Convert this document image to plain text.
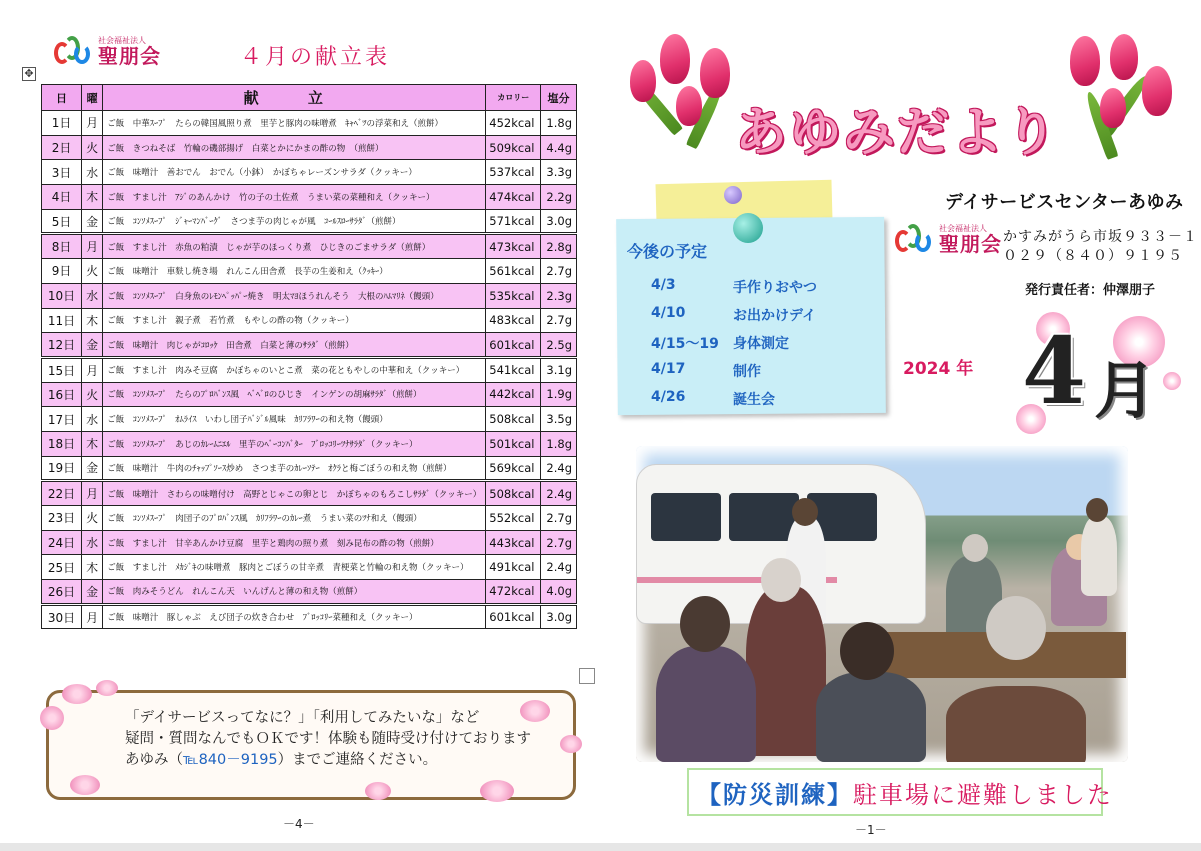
社会福祉法人
聖朋会	４月の献立表
✥
日	曜	献 立	カロリー	塩分
1日	月	ご飯　中華ｽｰﾌﾟ　たらの韓国風照り煮　里芋と豚肉の味噌煮　ｷｬﾍﾞﾂの浮菜和え（煎餅）	452kcal	1.8g
2日	火	ご飯　きつねそば　竹輪の磯部揚げ　白菜とかにかまの酢の物　（煎餅）	509kcal	4.4g
3日	水	ご飯　味噌汁　善おでん　おでん（小鉢）　かぼちゃレーズンサラダ（クッキー）	537kcal	3.3g
4日	木	ご飯　すまし汁　ｱｼﾞのあんかけ　竹の子の土佐煮　うまい菜の菜種和え（クッキー）	474kcal	2.2g
5日	金	ご飯　ｺﾝｿﾒｽｰﾌﾟ　ｼﾞｬｰﾏﾝﾊﾞｰｸﾞ　さつま芋の肉じゃが風　ｺｰﾙｽﾛｰｻﾗﾀﾞ（煎餅）	571kcal	3.0g
8日	月	ご飯　すまし汁　赤魚の粕漬　じゃが芋のほっくり煮　ひじきのごまサラダ（煎餅）	473kcal	2.8g
9日	火	ご飯　味噌汁　車麩し焼き場　れんこん田舎煮　長芋の生姜和え（ｸｯｷｰ）	561kcal	2.7g
10日	水	ご飯　ｺﾝｿﾒｽｰﾌﾟ　白身魚のﾚﾓﾝﾍﾟｯﾊﾟｰ焼き　明太ﾏﾖほうれんそう　大根のﾊﾑﾏﾘﾈ（饅頭）	535kcal	2.3g
11日	木	ご飯　すまし汁　親子煮　若竹煮　もやしの酢の物（クッキー）	483kcal	2.7g
12日	金	ご飯　味噌汁　肉じゃがｺﾛｯｹ　田舎煮　白菜と薄のｻﾗﾀﾞ（煎餅）	601kcal	2.5g
15日	月	ご飯　すまし汁　肉みそ豆腐　かぼちゃのいとこ煮　菜の花ともやしの中華和え（クッキー）	541kcal	3.1g
16日	火	ご飯　ｺﾝｿﾒｽｰﾌﾟ　たらのﾌﾟﾛﾊﾞﾝｽ風　ﾍﾞﾍﾞﾛのひじき　インゲンの胡麻ｻﾗﾀﾞ（煎餅）	442kcal	1.9g
17日	水	ご飯　ｺﾝｿﾒｽｰﾌﾟ　ｵﾑﾗｲｽ　いわし団子ﾊﾞｼﾞﾙ風味　ｶﾘﾌﾗﾜｰの和え物（饅頭）	508kcal	3.5g
18日	木	ご飯　ｺﾝｿﾒｽｰﾌﾟ　あじのｶﾚｰﾑﾆｴﾙ　里芋のﾍﾞｰｺﾝﾊﾞﾀｰ　ﾌﾞﾛｯｺﾘｰﾂﾅｻﾗﾀﾞ（クッキー）	501kcal	1.8g
19日	金	ご飯　味噌汁　牛肉のﾁｬｯﾌﾟｿｰｽ炒め　さつま芋のｶﾚｰｿﾃｰ　ｵｸﾗと梅ごぼうの和え物（煎餅）	569kcal	2.4g
22日	月	ご飯　味噌汁　さわらの味噌付け　高野とじゃこの卵とじ　かぼちゃのもろこしｻﾗﾀﾞ（クッキー）	508kcal	2.4g
23日	火	ご飯　ｺﾝｿﾒｽｰﾌﾟ　肉団子のﾌﾟﾛﾊﾞﾝｽ風　ｶﾘﾌﾗﾜｰのｶﾚｰ煮　うまい菜のﾂﾅ和え（饅頭）	552kcal	2.7g
24日	水	ご飯　すまし汁　甘辛あんかけ豆腐　里芋と鶏肉の照り煮　刻み昆布の酢の物（煎餅）	443kcal	2.7g
25日	木	ご飯　すまし汁　ﾒｶｼﾞｷの味噌煮　豚肉とごぼうの甘辛煮　青梗菜と竹輪の和え物（クッキー）	491kcal	2.4g
26日	金	ご飯　肉みそうどん　れんこん天　いんげんと薄の和え物（煎餅）	472kcal	4.0g
30日	月	ご飯　味噌汁　豚しゃぶ　えび団子の炊き合わせ　ﾌﾞﾛｯｺﾘｰ菜種和え（クッキー）	601kcal	3.0g
「デイサービスってなに？」「利用してみたいな」など
疑問・質問なんでもＯＫです！体験も随時受け付けております
あゆみ（℡840－9195）までご連絡ください。
－4－
あゆみだより
デイサービスセンターあゆみ
社会福祉法人
聖朋会 かすみがうら市坂９３３－１
０２９（８４０）９１９５
発行責任者：仲澤朋子
今後の予定
4/3	手作りおやつ
4/10	お出かけデイ
4/15～19 身体測定
4/17	制作
4/26	誕生会
2024 年 4 月
【防災訓練】駐車場に避難しました
－1－
